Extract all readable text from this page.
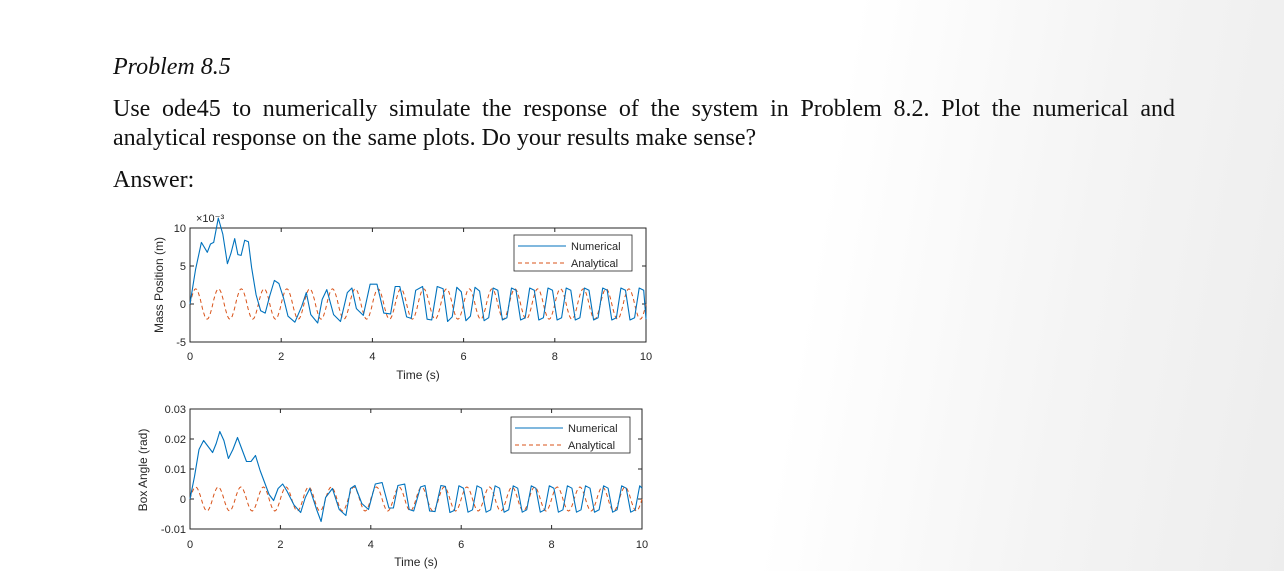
Problem 8.5

Use ode45 to numerically simulate the response of the system in Problem 8.2. Plot the numerical and analytical response on the same plots. Do your results make sense?

Answer:

×10⁻³
0	2	4	6	8	10
-5
0
5
10
Time (s)
Mass Position (m)	Numerical
Analytical
0	2	4	6	8	10
-0.01
0
0.01
0.02
0.03
Time (s)
Box Angle (rad)	Numerical
Analytical
